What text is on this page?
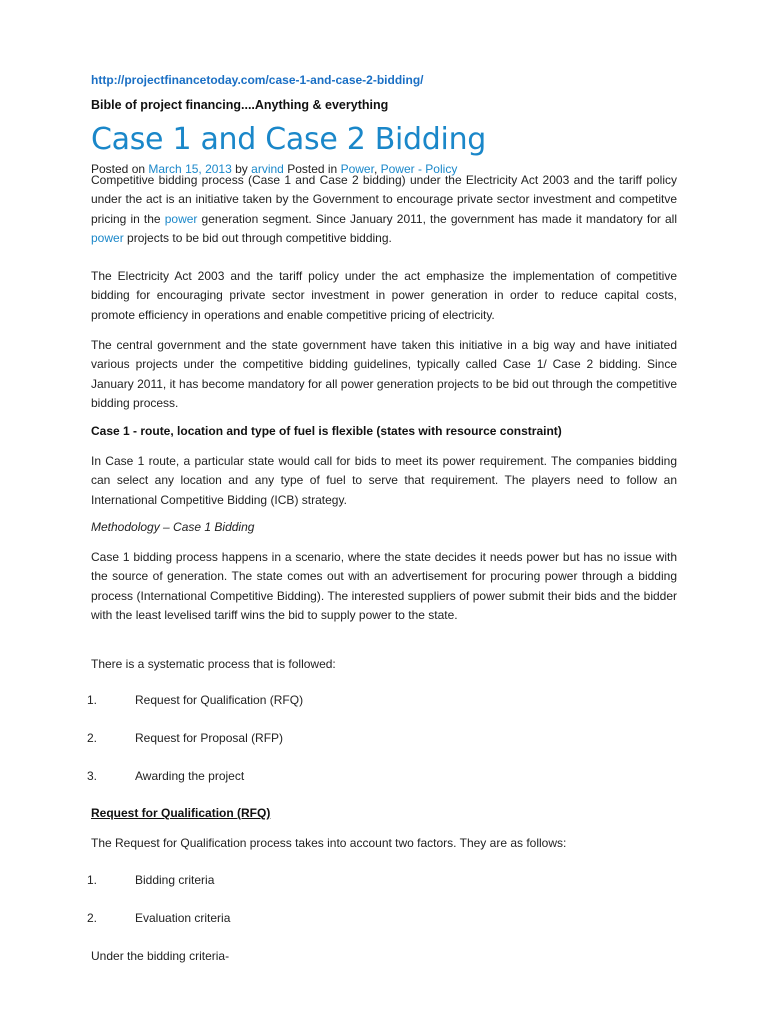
http://projectfinancetoday.com/case-1-and-case-2-bidding/
Bible of project financing....Anything & everything
Case 1 and Case 2 Bidding
Posted on March 15, 2013 by arvind Posted in Power, Power - Policy

Competitive bidding process (Case 1 and Case 2 bidding) under the Electricity Act 2003 and the tariff policy under the act is an initiative taken by the Government to encourage private sector investment and competitve pricing in the power generation segment. Since January 2011, the government has made it mandatory for all power projects to be bid out through competitive bidding.

The Electricity Act 2003 and the tariff policy under the act emphasize the implementation of competitive bidding for encouraging private sector investment in power generation in order to reduce capital costs, promote efficiency in operations and enable competitive pricing of electricity.

The central government and the state government have taken this initiative in a big way and have initiated various projects under the competitive bidding guidelines, typically called Case 1/ Case 2 bidding. Since January 2011, it has become mandatory for all power generation projects to be bid out through the competitive bidding process.

Case 1 - route, location and type of fuel is flexible (states with resource constraint)

In Case 1 route, a particular state would call for bids to meet its power requirement. The companies bidding can select any location and any type of fuel to serve that requirement. The players need to follow an International Competitive Bidding (ICB) strategy.

Methodology – Case 1 Bidding

Case 1 bidding process happens in a scenario, where the state decides it needs power but has no issue with the source of generation. The state comes out with an advertisement for procuring power through a bidding process (International Competitive Bidding). The interested suppliers of power submit their bids and the bidder with the least levelised tariff wins the bid to supply power to the state.

There is a systematic process that is followed:

1.	Request for Qualification (RFQ)
2.	Request for Proposal (RFP)
3.	Awarding the project
Request for Qualification (RFQ)

The Request for Qualification process takes into account two factors. They are as follows:

1.	Bidding criteria
2.	Evaluation criteria

Under the bidding criteria-
